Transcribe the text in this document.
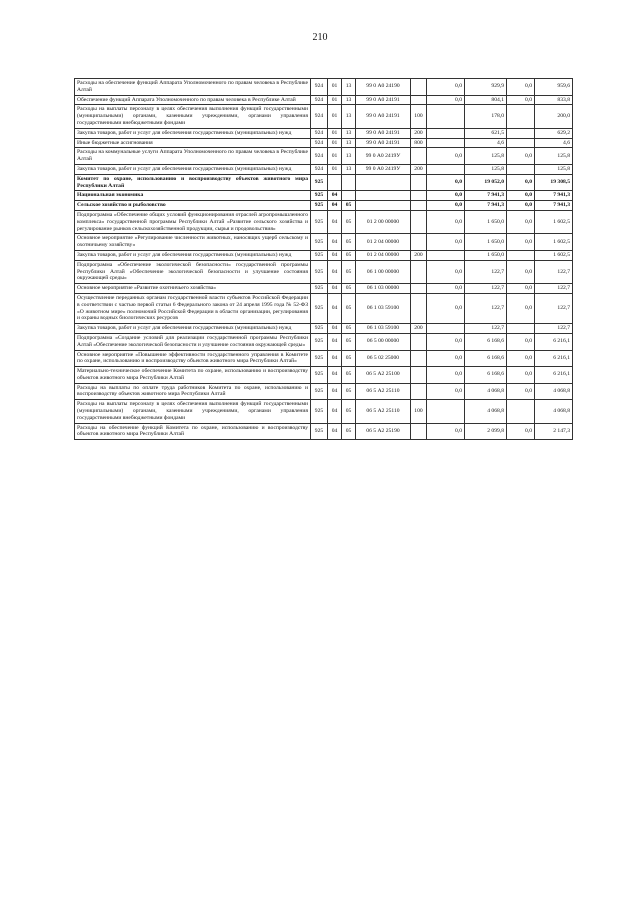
210
Расходы на обеспечение функций Аппарата Уполномоченного по правам человека в Республике Алтай	924	01	13	99 0 А0 24190		0,0	929,9	0,0	959,6
Обеспечение функций Аппарата Уполномоченного по правам человека в Республике Алтай	924	01	13	99 0 А0 24191		0,0	804,1	0,0	833,8
Расходы на выплаты персоналу в целях обеспечения выполнения функций государственными (муниципальными) органами, казенными учреждениями, органами управления государственными внебюджетными фондами	924	01	13	99 0 А0 24191	100		178,0		200,0
Закупка товаров, работ и услуг для обеспечения государственных (муниципальных) нужд	924	01	13	99 0 А0 24191	200		621,5		629,2
Иные бюджетные ассигнования	924	01	13	99 0 А0 24191	800		4,6		4,6
Расходы на коммунальные услуги Аппарата Уполномоченного по правам человека в Республике Алтай	924	01	13	99 0 А0 2419У		0,0	125,8	0,0	125,8
Закупка товаров, работ и услуг для обеспечения государственных (муниципальных) нужд	924	01	13	99 0 А0 2419У	200		125,8		125,8
Комитет по охране, использованию и воспроизводству объектов животного мира Республики Алтай	925					0,0	19 052,0	0,0	19 308,5
Национальная экономика	925	04				0,0	7 941,3	0,0	7 941,3
Сельское хозяйство и рыболовство	925	04	05			0,0	7 941,3	0,0	7 941,3
Подпрограмма «Обеспечение общих условий функционирования отраслей агропромышленного комплекса» государственной программы Республики Алтай «Развитие сельского хозяйства и регулирование рынков сельскохозяйственной продукции, сырья и продовольствия»	925	04	05	01 2 00 00000		0,0	1 650,0	0,0	1 602,5
Основное мероприятие «Регулирование численности животных, наносящих ущерб сельскому и охотничьему хозяйству»	925	04	05	01 2 04 00000		0,0	1 650,0	0,0	1 602,5
Закупка товаров, работ и услуг для обеспечения государственных (муниципальных) нужд	925	04	05	01 2 04 00000	200		1 650,0		1 602,5
Подпрограмма «Обеспечение экологической безопасности» государственной программы Республики Алтай «Обеспечение экологической безопасности и улучшение состояния окружающей среды»	925	04	05	06 1 00 00000		0,0	122,7	0,0	122,7
Основное мероприятие «Развитие охотничьего хозяйства»	925	04	05	06 1 03 00000		0,0	122,7	0,0	122,7
Осуществление переданных органам государственной власти субъектов Российской Федерации в соответствии с частью первой статьи 6 Федерального закона от 24 апреля 1995 года № 52-ФЗ «О животном мире» полномочий Российской Федерации в области организации, регулирования и охраны водных биологических ресурсов	925	04	05	06 1 03 59100		0,0	122,7	0,0	122,7
Закупка товаров, работ и услуг для обеспечения государственных (муниципальных) нужд	925	04	05	06 1 03 59100	200		122,7		122,7
Подпрограмма «Создание условий для реализации государственной программы Республики Алтай «Обеспечение экологической безопасности и улучшение состояния окружающей среды»	925	04	05	06 5 00 00000		0,0	6 168,6	0,0	6 216,1
Основное мероприятие «Повышение эффективности государственного управления в Комитете по охране, использованию и воспроизводству объектов животного мира Республики Алтай»	925	04	05	06 5 02 25000		0,0	6 168,6	0,0	6 216,1
Материально-техническое обеспечение Комитета по охране, использованию и воспроизводству объектов животного мира Республики Алтай	925	04	05	06 5 А2 25100		0,0	6 168,6	0,0	6 216,1
Расходы на выплаты по оплате труда работников Комитета по охране, использованию и воспроизводству объектов животного мира Республики Алтай	925	04	05	06 5 А2 25110		0,0	4 068,8	0,0	4 068,8
Расходы на выплаты персоналу в целях обеспечения выполнения функций государственными (муниципальными) органами, казенными учреждениями, органами управления государственными внебюджетными фондами	925	04	05	06 5 А2 25110	100		4 068,8		4 068,8
Расходы на обеспечение функций Комитета по охране, использованию и воспроизводству объектов животного мира Республики Алтай	925	04	05	06 5 А2 25190		0,0	2 099,8	0,0	2 147,3
